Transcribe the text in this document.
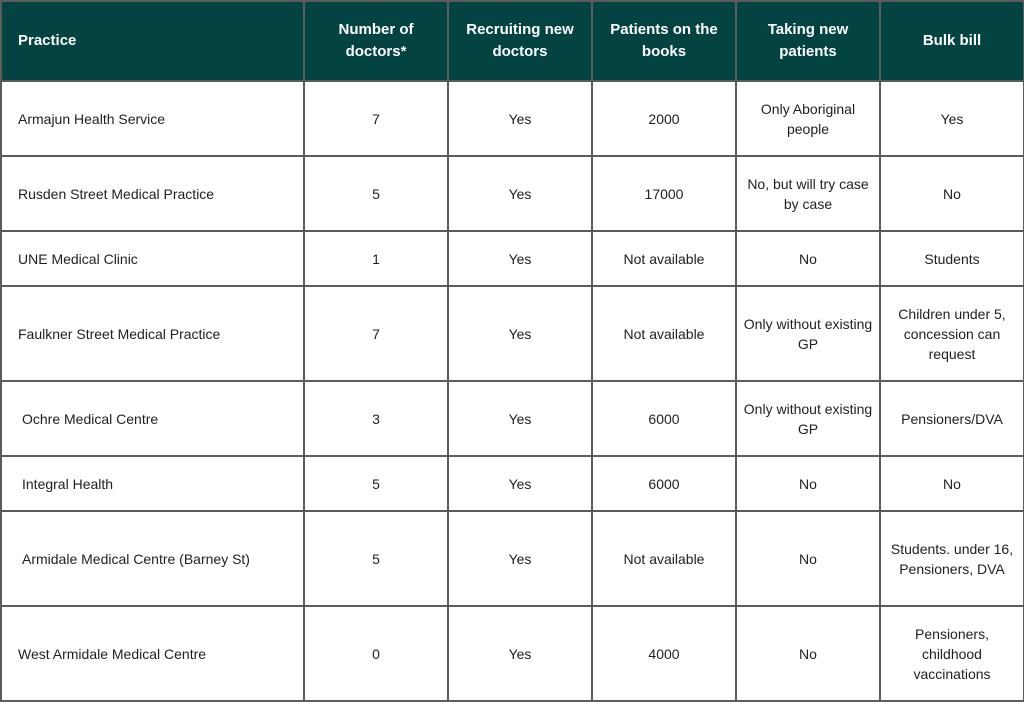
Practice	Number of doctors*	Recruiting new doctors	Patients on the books	Taking new patients	Bulk bill
Armajun Health Service	7	Yes	2000	Only Aboriginal people	Yes
Rusden Street Medical Practice	5	Yes	17000	No, but will try case by case	No
UNE Medical Clinic	1	Yes	Not available	No	Students
Faulkner Street Medical Practice	7	Yes	Not available	Only without existing GP	Children under 5, concession can request
Ochre Medical Centre	3	Yes	6000	Only without existing GP	Pensioners/DVA
Integral Health	5	Yes	6000	No	No
Armidale Medical Centre (Barney St)	5	Yes	Not available	No	Students. under 16, Pensioners, DVA
West Armidale Medical Centre	0	Yes	4000	No	Pensioners, childhood vaccinations
